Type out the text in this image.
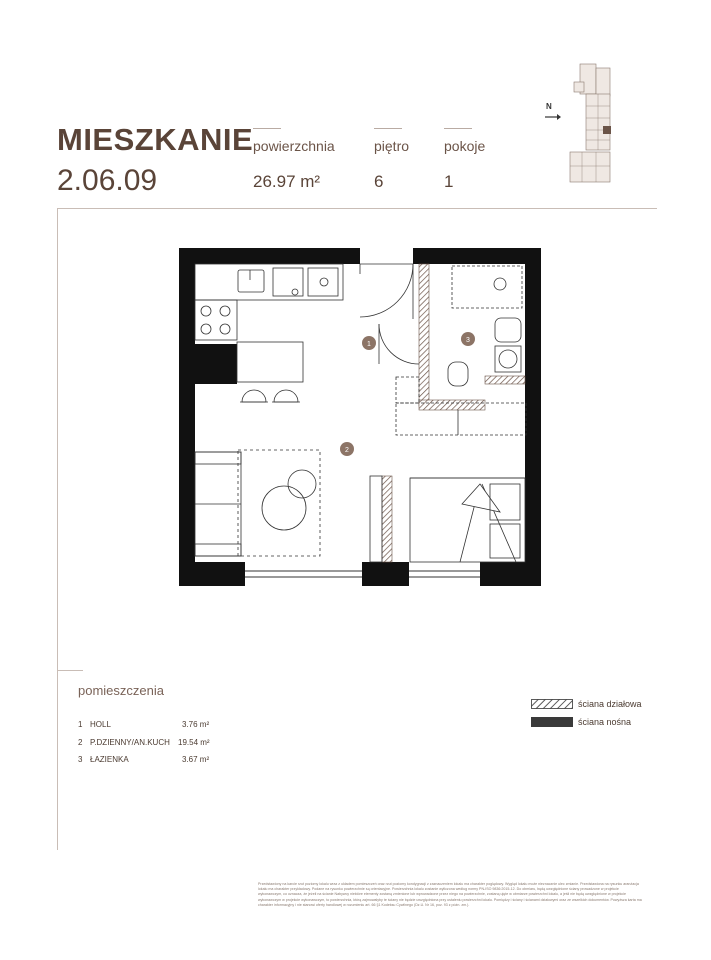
MIESZKANIE
2.06.09
powierzchnia
26.97 m²
piętro
6
pokoje
1
N
1
2
3
pomieszczenia
1 HOLL	3.76 m²
2 P.DZIENNY/AN.KUCH 19.54 m²
3 ŁAZIENKA	3.67 m²
ściana działowa
ściana nośna
Przedstawiony na karcie rzut poziomy lokalu wraz z układem pomieszczeń oraz rzut poziomy kondygnacji z zaznaczeniem lokalu ma charakter poglądowy. Wygląd lokalu może nieznacznie ulec zmianie. Przedstawiona na rysunku aranżacja lokalu ma charakter przykładowy. Podane na rysunku powierzchnie są orientacyjne. Powierzchnia lokalu zostanie wyliczona według normy PN-ISO 9836:2015-12. Do obmiaru, będą uwzględnione ściany prowadzone w projekcie wykonawczym, co oznacza, że jeżeli na ścianie Nabywcy niektóre elementy zostaną zmienione lub wprowadzone przez niego na powierzchnie, zostaną ujęte w obmiarze powierzchni lokalu, a jeśli nie będą uwzględnione w projekcie wykonawczym w projekcie wykonawczym, to powierzchnia, którą zajmowałyby te ściany nie będzie uwzględniona przy ustaleniu powierzchni lokalu. Pomiędzy i ściany i ścianami działowymi oraz ze wszelkich dokumentów. Powyższa karta ma charakter informacyjny i nie stanowi oferty handlowej w rozumieniu art. 66 §1 Kodeksu Cywilnego (Dz.U. Nr 16, poz. 93 z późn. zm.).
